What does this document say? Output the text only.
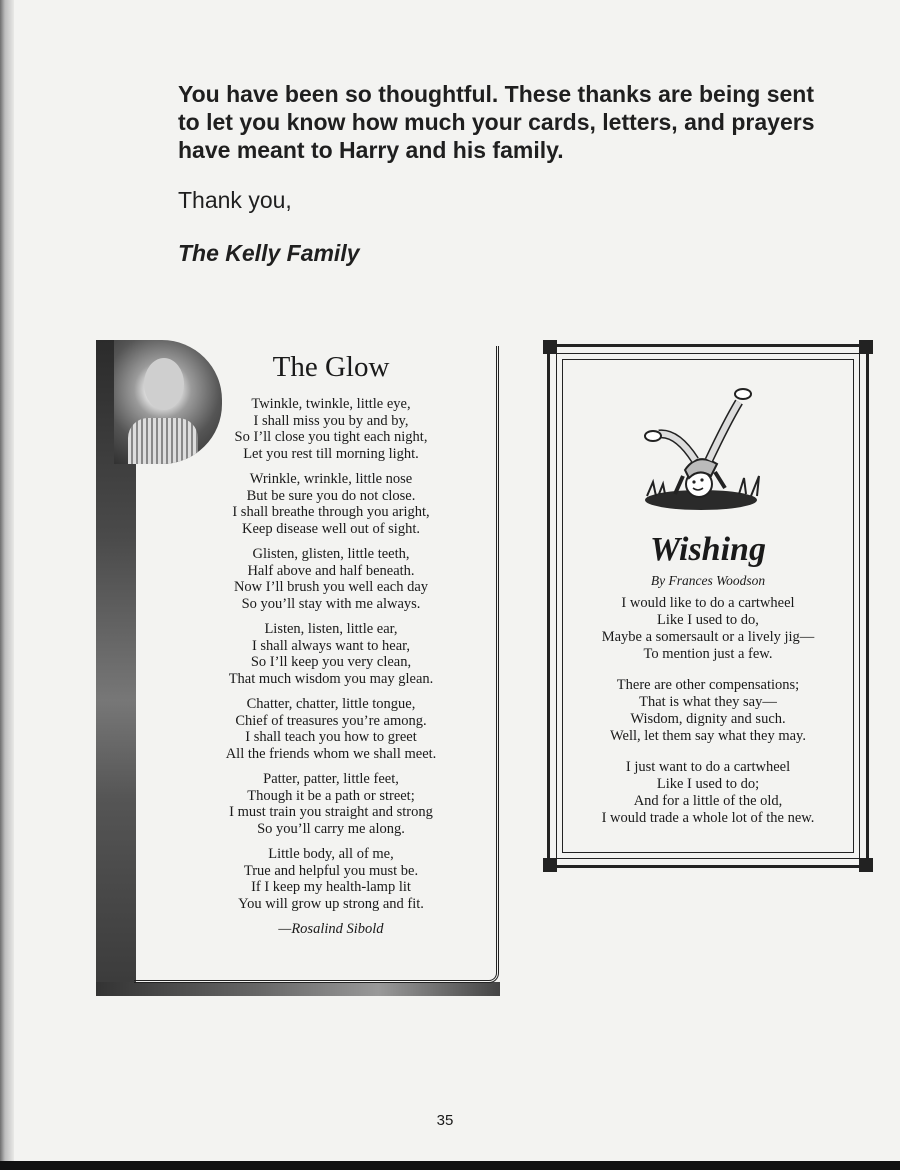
You have been so thoughtful. These thanks are being sent

to let you know how much your cards, letters, and prayers

have meant to Harry and his family.

Thank you,
The Kelly Family
The Glow
Twinkle, twinkle, little eye,
I shall miss you by and by,
So I’ll close you tight each night,
Let you rest till morning light.
Wrinkle, wrinkle, little nose
But be sure you do not close.
I shall breathe through you aright,
Keep disease well out of sight.
Glisten, glisten, little teeth,
Half above and half beneath.
Now I’ll brush you well each day
So you’ll stay with me always.
Listen, listen, little ear,
I shall always want to hear,
So I’ll keep you very clean,
That much wisdom you may glean.
Chatter, chatter, little tongue,
Chief of treasures you’re among.
I shall teach you how to greet
All the friends whom we shall meet.
Patter, patter, little feet,
Though it be a path or street;
I must train you straight and strong
So you’ll carry me along.
Little body, all of me,
True and helpful you must be.
If I keep my health-lamp lit
You will grow up strong and fit.
—Rosalind Sibold
Wishing
By Frances Woodson
I would like to do a cartwheel
Like I used to do,
Maybe a somersault or a lively jig—
To mention just a few.
There are other compensations;
That is what they say—
Wisdom, dignity and such.
Well, let them say what they may.
I just want to do a cartwheel
Like I used to do;
And for a little of the old,
I would trade a whole lot of the new.
35
